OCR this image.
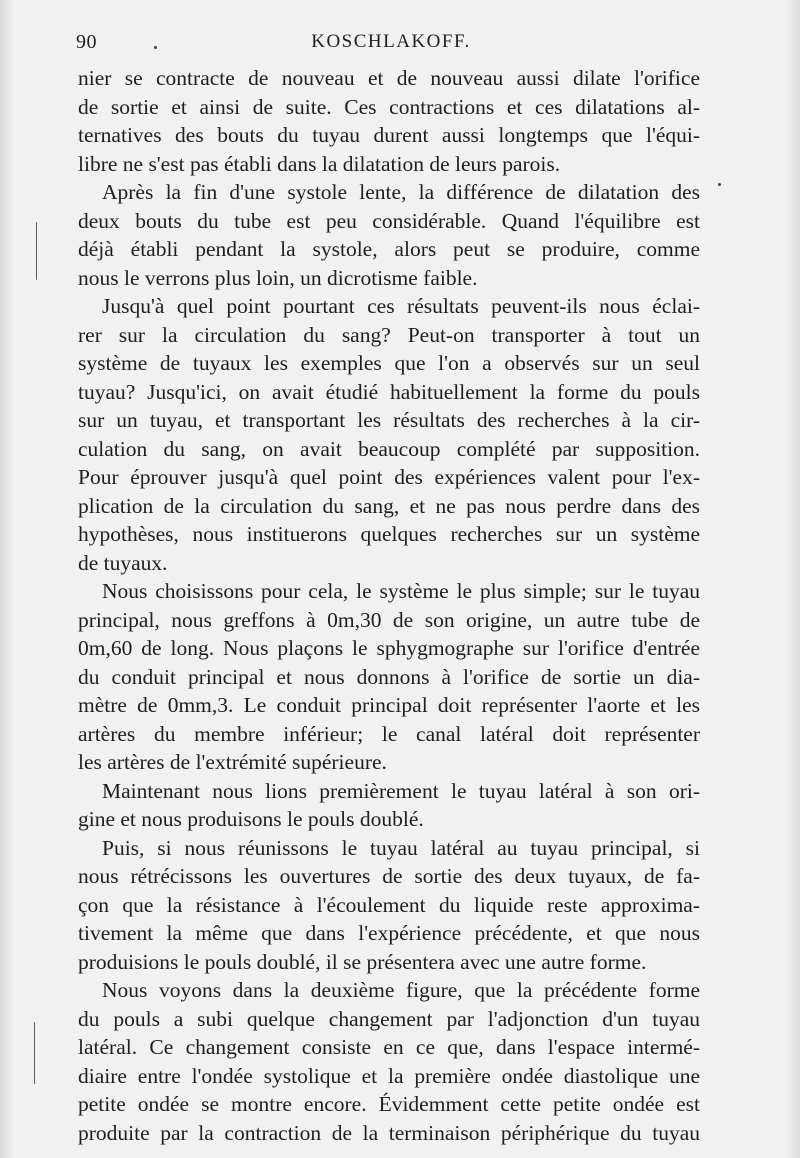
90	KOSCHLAKOFF.
nier se contracte de nouveau et de nouveau aussi dilate l'orifice
de sortie et ainsi de suite. Ces contractions et ces dilatations al-
ternatives des bouts du tuyau durent aussi longtemps que l'équi-
libre ne s'est pas établi dans la dilatation de leurs parois.
Après la fin d'une systole lente, la différence de dilatation des
deux bouts du tube est peu considérable. Quand l'équilibre est
déjà établi pendant la systole, alors peut se produire, comme
nous le verrons plus loin, un dicrotisme faible.
Jusqu'à quel point pourtant ces résultats peuvent-ils nous éclai-
rer sur la circulation du sang? Peut-on transporter à tout un
système de tuyaux les exemples que l'on a observés sur un seul
tuyau? Jusqu'ici, on avait étudié habituellement la forme du pouls
sur un tuyau, et transportant les résultats des recherches à la cir-
culation du sang, on avait beaucoup complété par supposition.
Pour éprouver jusqu'à quel point des expériences valent pour l'ex-
plication de la circulation du sang, et ne pas nous perdre dans des
hypothèses, nous instituerons quelques recherches sur un système
de tuyaux.
Nous choisissons pour cela, le système le plus simple; sur le tuyau
principal, nous greffons à 0m,30 de son origine, un autre tube de
0m,60 de long. Nous plaçons le sphygmographe sur l'orifice d'entrée
du conduit principal et nous donnons à l'orifice de sortie un dia-
mètre de 0mm,3. Le conduit principal doit représenter l'aorte et les
artères du membre inférieur; le canal latéral doit représenter
les artères de l'extrémité supérieure.
Maintenant nous lions premièrement le tuyau latéral à son ori-
gine et nous produisons le pouls doublé.
Puis, si nous réunissons le tuyau latéral au tuyau principal, si
nous rétrécissons les ouvertures de sortie des deux tuyaux, de fa-
çon que la résistance à l'écoulement du liquide reste approxima-
tivement la même que dans l'expérience précédente, et que nous
produisions le pouls doublé, il se présentera avec une autre forme.
Nous voyons dans la deuxième figure, que la précédente forme
du pouls a subi quelque changement par l'adjonction d'un tuyau
latéral. Ce changement consiste en ce que, dans l'espace intermé-
diaire entre l'ondée systolique et la première ondée diastolique une
petite ondée se montre encore. Évidemment cette petite ondée est
produite par la contraction de la terminaison périphérique du tuyau
